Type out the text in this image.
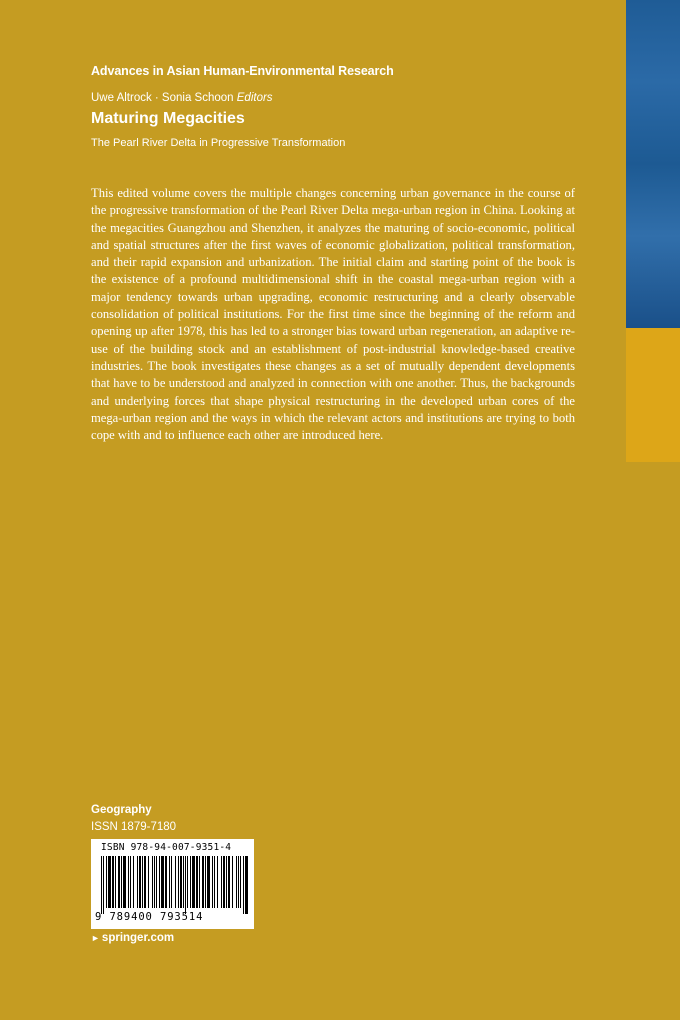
Advances in Asian Human-Environmental Research
Uwe Altrock · Sonia Schoon Editors
Maturing Megacities
The Pearl River Delta in Progressive Transformation

This edited volume covers the multiple changes concerning urban governance in the course of the progressive transformation of the Pearl River Delta mega-urban region in China. Looking at the megacities Guangzhou and Shenzhen, it analyzes the maturing of socio-economic, political and spatial structures after the first waves of economic globalization, political transformation, and their rapid expansion and urbanization. The initial claim and starting point of the book is the existence of a profound multidimensional shift in the coastal mega-urban region with a major tendency towards urban upgrading, economic restructuring and a clearly observable consolidation of political institutions. For the first time since the beginning of the reform and opening up after 1978, this has led to a stronger bias toward urban regeneration, an adaptive re-use of the building stock and an establishment of post-industrial knowledge-based creative industries. The book investigates these changes as a set of mutually dependent developments that have to be understood and analyzed in connection with one another. Thus, the backgrounds and underlying forces that shape physical restructuring in the developed urban cores of the mega-urban region and the ways in which the relevant actors and institutions are trying to both cope with and to influence each other are introduced here.

Geography
ISSN 1879-7180
ISBN 978-94-007-9351-4
9 789400 793514
► springer.com
